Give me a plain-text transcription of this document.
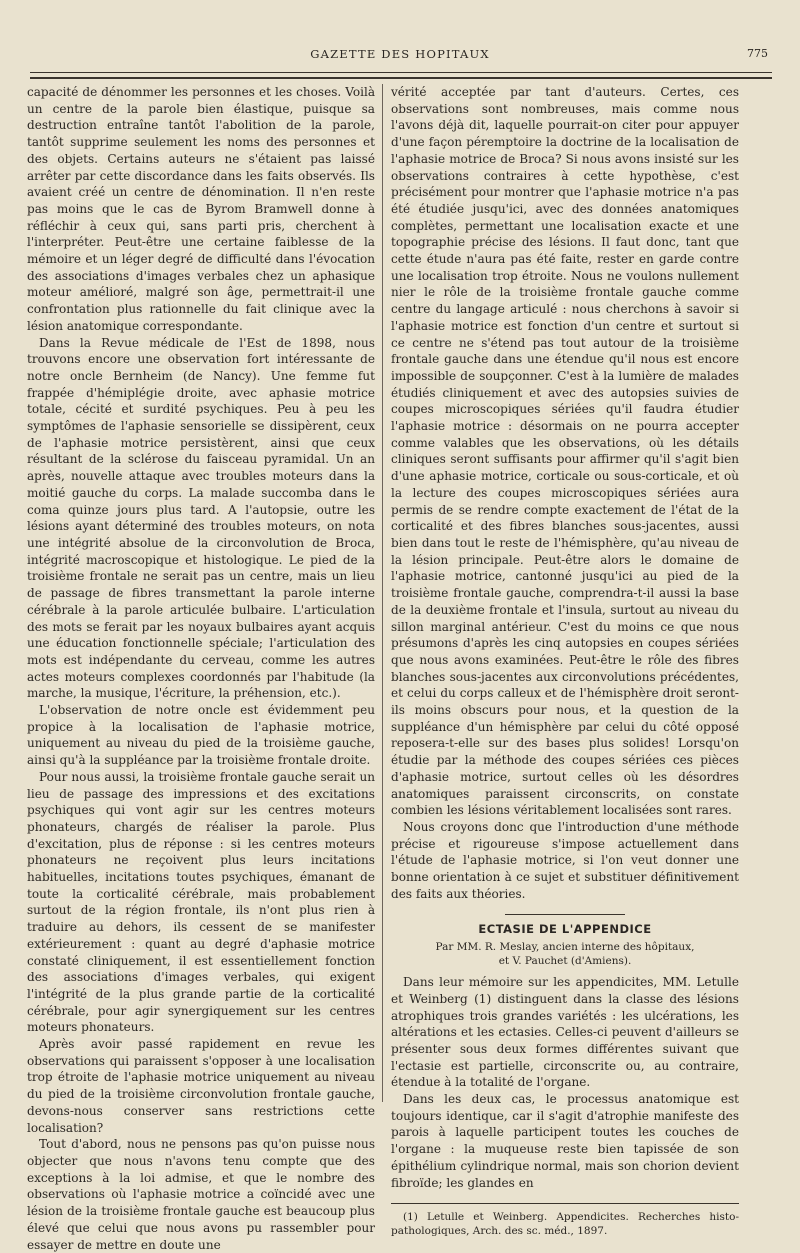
GAZETTE DES HOPITAUX	775

capacité de dénommer les personnes et les choses. Voilà un centre de la parole bien élastique, puisque sa destruction entraîne tantôt l'abolition de la parole, tantôt supprime seulement les noms des personnes et des objets. Certains auteurs ne s'étaient pas laissé arrêter par cette discordance dans les faits observés. Ils avaient créé un centre de dénomination. Il n'en reste pas moins que le cas de Byrom Bramwell donne à réfléchir à ceux qui, sans parti pris, cherchent à l'interpréter. Peut-être une certaine faiblesse de la mémoire et un léger degré de difficulté dans l'évocation des associations d'images verbales chez un aphasique moteur amélioré, malgré son âge, permettrait-il une confrontation plus rationnelle du fait clinique avec la lésion anatomique correspondante.

Dans la Revue médicale de l'Est de 1898, nous trouvons encore une observation fort intéressante de notre oncle Bernheim (de Nancy). Une femme fut frappée d'hémiplégie droite, avec aphasie motrice totale, cécité et surdité psychiques. Peu à peu les symptômes de l'aphasie sensorielle se dissipèrent, ceux de l'aphasie motrice persistèrent, ainsi que ceux résultant de la sclérose du faisceau pyramidal. Un an après, nouvelle attaque avec troubles moteurs dans la moitié gauche du corps. La malade succomba dans le coma quinze jours plus tard. A l'autopsie, outre les lésions ayant déterminé des troubles moteurs, on nota une intégrité absolue de la circonvolution de Broca, intégrité macroscopique et histologique. Le pied de la troisième frontale ne serait pas un centre, mais un lieu de passage de fibres transmettant la parole interne cérébrale à la parole articulée bulbaire. L'articulation des mots se ferait par les noyaux bulbaires ayant acquis une éducation fonctionnelle spéciale; l'articulation des mots est indépendante du cerveau, comme les autres actes moteurs complexes coordonnés par l'habitude (la marche, la musique, l'écriture, la préhension, etc.).

L'observation de notre oncle est évidemment peu propice à la localisation de l'aphasie motrice, uniquement au niveau du pied de la troisième gauche, ainsi qu'à la suppléance par la troisième frontale droite.

Pour nous aussi, la troisième frontale gauche serait un lieu de passage des impressions et des excitations psychiques qui vont agir sur les centres moteurs phonateurs, chargés de réaliser la parole. Plus d'excitation, plus de réponse : si les centres moteurs phonateurs ne reçoivent plus leurs incitations habituelles, incitations toutes psychiques, émanant de toute la corticalité cérébrale, mais probablement surtout de la région frontale, ils n'ont plus rien à traduire au dehors, ils cessent de se manifester extérieurement : quant au degré d'aphasie motrice constaté cliniquement, il est essentiellement fonction des associations d'images verbales, qui exigent l'intégrité de la plus grande partie de la corticalité cérébrale, pour agir synergiquement sur les centres moteurs phonateurs.

Après avoir passé rapidement en revue les observations qui paraissent s'opposer à une localisation trop étroite de l'aphasie motrice uniquement au niveau du pied de la troisième circonvolution frontale gauche, devons-nous conserver sans restrictions cette localisation?

Tout d'abord, nous ne pensons pas qu'on puisse nous objecter que nous n'avons tenu compte que des exceptions à la loi admise, et que le nombre des observations où l'aphasie motrice a coïncidé avec une lésion de la troisième frontale gauche est beaucoup plus élevé que celui que nous avons pu rassembler pour essayer de mettre en doute une

vérité acceptée par tant d'auteurs. Certes, ces observations sont nombreuses, mais comme nous l'avons déjà dit, laquelle pourrait-on citer pour appuyer d'une façon péremptoire la doctrine de la localisation de l'aphasie motrice de Broca? Si nous avons insisté sur les observations contraires à cette hypothèse, c'est précisément pour montrer que l'aphasie motrice n'a pas été étudiée jusqu'ici, avec des données anatomiques complètes, permettant une localisation exacte et une topographie précise des lésions. Il faut donc, tant que cette étude n'aura pas été faite, rester en garde contre une localisation trop étroite. Nous ne voulons nullement nier le rôle de la troisième frontale gauche comme centre du langage articulé : nous cherchons à savoir si l'aphasie motrice est fonction d'un centre et surtout si ce centre ne s'étend pas tout autour de la troisième frontale gauche dans une étendue qu'il nous est encore impossible de soupçonner. C'est à la lumière de malades étudiés cliniquement et avec des autopsies suivies de coupes microscopiques sériées qu'il faudra étudier l'aphasie motrice : désormais on ne pourra accepter comme valables que les observations, où les détails cliniques seront suffisants pour affirmer qu'il s'agit bien d'une aphasie motrice, corticale ou sous-corticale, et où la lecture des coupes microscopiques sériées aura permis de se rendre compte exactement de l'état de la corticalité et des fibres blanches sous-jacentes, aussi bien dans tout le reste de l'hémisphère, qu'au niveau de la lésion principale. Peut-être alors le domaine de l'aphasie motrice, cantonné jusqu'ici au pied de la troisième frontale gauche, comprendra-t-il aussi la base de la deuxième frontale et l'insula, surtout au niveau du sillon marginal antérieur. C'est du moins ce que nous présumons d'après les cinq autopsies en coupes sériées que nous avons examinées. Peut-être le rôle des fibres blanches sous-jacentes aux circonvolutions précédentes, et celui du corps calleux et de l'hémisphère droit seront-ils moins obscurs pour nous, et la question de la suppléance d'un hémisphère par celui du côté opposé reposera-t-elle sur des bases plus solides! Lorsqu'on étudie par la méthode des coupes sériées ces pièces d'aphasie motrice, surtout celles où les désordres anatomiques paraissent circonscrits, on constate combien les lésions véritablement localisées sont rares.

Nous croyons donc que l'introduction d'une méthode précise et rigoureuse s'impose actuellement dans l'étude de l'aphasie motrice, si l'on veut donner une bonne orientation à ce sujet et substituer définitivement des faits aux théories.

ECTASIE DE L'APPENDICE
Par MM. R. Meslay, ancien interne des hôpitaux,
et V. Pauchet (d'Amiens).

Dans leur mémoire sur les appendicites, MM. Letulle et Weinberg (1) distinguent dans la classe des lésions atrophiques trois grandes variétés : les ulcérations, les altérations et les ectasies. Celles-ci peuvent d'ailleurs se présenter sous deux formes différentes suivant que l'ectasie est partielle, circonscrite ou, au contraire, étendue à la totalité de l'organe.

Dans les deux cas, le processus anatomique est toujours identique, car il s'agit d'atrophie manifeste des parois à laquelle participent toutes les couches de l'organe : la muqueuse reste bien tapissée de son épithélium cylindrique normal, mais son chorion devient fibroïde; les glandes en

(1) Letulle et Weinberg. Appendicites. Recherches histo-pathologiques, Arch. des sc. méd., 1897.
